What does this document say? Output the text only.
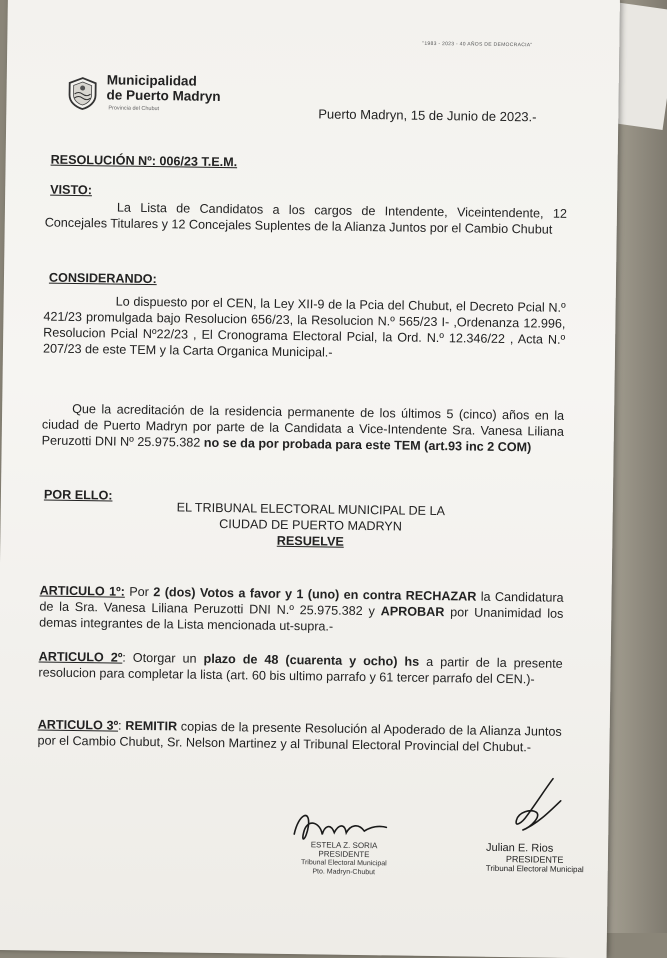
"1983 - 2023 - 40 AÑOS DE DEMOCRACIA"
Municipalidad
de Puerto Madryn
Provincia del Chubut	Puerto Madryn, 15 de Junio de 2023.-
RESOLUCIÓN Nº: 006/23 T.E.M.
VISTO:
La Lista de Candidatos a los cargos de Intendente, Viceintendente, 12 Concejales Titulares y 12 Concejales Suplentes de la Alianza Juntos por el Cambio Chubut
CONSIDERANDO:
Lo dispuesto por el CEN, la Ley XII-9 de la Pcia del Chubut, el Decreto Pcial N.º 421/23 promulgada bajo Resolucion 656/23, la Resolucion N.º 565/23 I- ,Ordenanza 12.996, Resolucion Pcial Nº22/23 , El Cronograma Electoral Pcial, la Ord. N.º 12.346/22 , Acta N.º 207/23 de este TEM y la Carta Organica Municipal.-
Que la acreditación de la residencia permanente de los últimos 5 (cinco) años en la ciudad de Puerto Madryn por parte de la Candidata a Vice-Intendente Sra. Vanesa Liliana Peruzotti DNI Nº 25.975.382 no se da por probada para este TEM (art.93 inc 2 COM)
POR ELLO:
EL TRIBUNAL ELECTORAL MUNICIPAL DE LA
CIUDAD DE PUERTO MADRYN
RESUELVE
ARTICULO 1º: Por 2 (dos) Votos a favor y 1 (uno) en contra RECHAZAR la Candidatura de la Sra. Vanesa Liliana Peruzotti DNI N.º 25.975.382 y APROBAR por Unanimidad los demas integrantes de la Lista mencionada ut-supra.-
ARTICULO 2º: Otorgar un plazo de 48 (cuarenta y ocho) hs a partir de la presente resolucion para completar la lista (art. 60 bis ultimo parrafo y 61 tercer parrafo del CEN.)-
ARTICULO 3º: REMITIR copias de la presente Resolución al Apoderado de la Alianza Juntos por el Cambio Chubut, Sr. Nelson Martinez y al Tribunal Electoral Provincial del Chubut.-
ESTELA Z. SORIA
PRESIDENTE
Tribunal Electoral Municipal
Pto. Madryn-Chubut
Julian E. Rios
PRESIDENTE
Tribunal Electoral Municipal
